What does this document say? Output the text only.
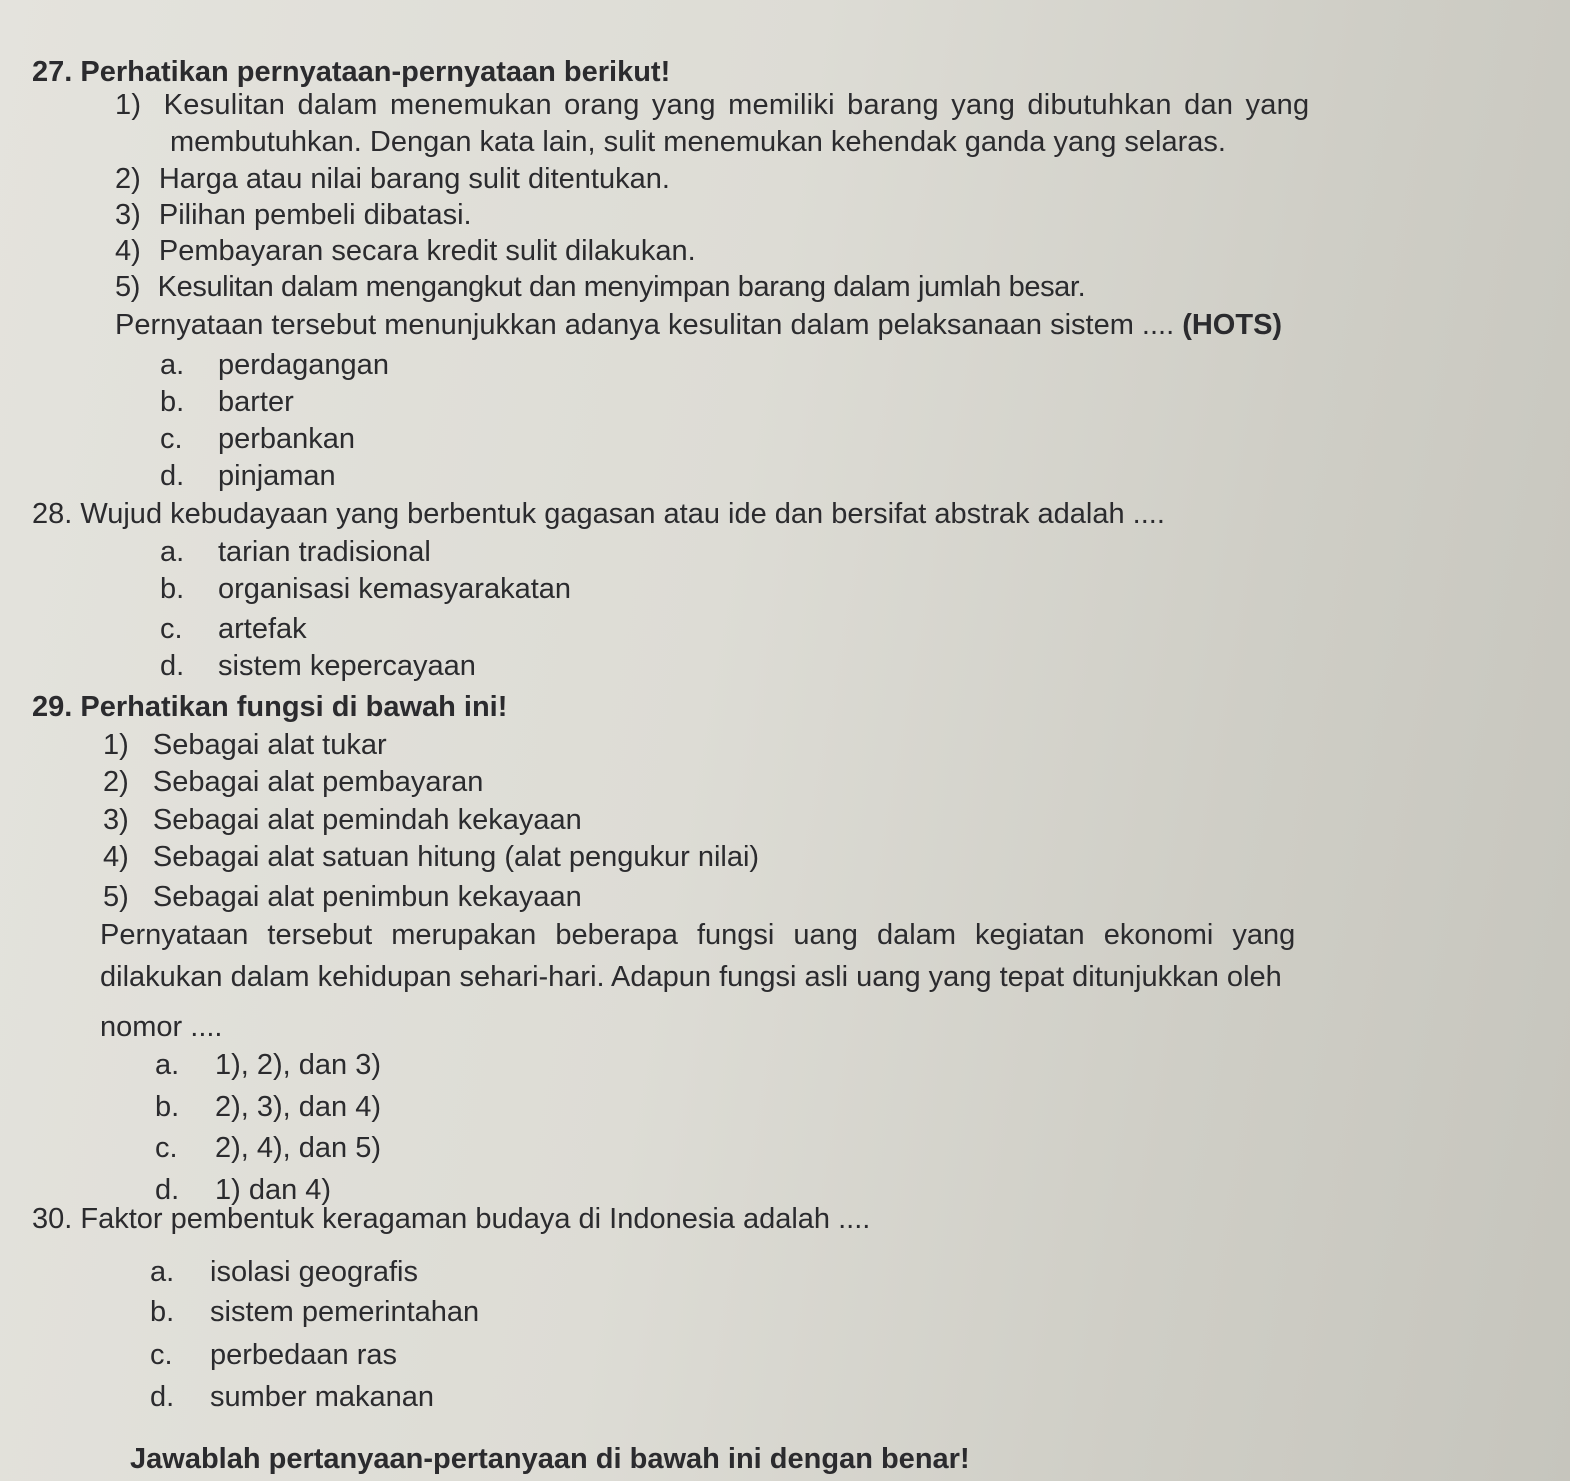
27. Perhatikan pernyataan-pernyataan berikut!
1) Kesulitan dalam menemukan orang yang memiliki barang yang dibutuhkan dan yang
membutuhkan. Dengan kata lain, sulit menemukan kehendak ganda yang selaras.
2) Harga atau nilai barang sulit ditentukan.
3) Pilihan pembeli dibatasi.
4) Pembayaran secara kredit sulit dilakukan.
5) Kesulitan dalam mengangkut dan menyimpan barang dalam jumlah besar.
Pernyataan tersebut menunjukkan adanya kesulitan dalam pelaksanaan sistem .... (HOTS)
a. perdagangan
b. barter
c. perbankan
d. pinjaman
28. Wujud kebudayaan yang berbentuk gagasan atau ide dan bersifat abstrak adalah ....
a. tarian tradisional
b. organisasi kemasyarakatan
c. artefak
d. sistem kepercayaan
29. Perhatikan fungsi di bawah ini!
1) Sebagai alat tukar
2) Sebagai alat pembayaran
3) Sebagai alat pemindah kekayaan
4) Sebagai alat satuan hitung (alat pengukur nilai)
5) Sebagai alat penimbun kekayaan
Pernyataan tersebut merupakan beberapa fungsi uang dalam kegiatan ekonomi yang
dilakukan dalam kehidupan sehari-hari. Adapun fungsi asli uang yang tepat ditunjukkan oleh
nomor ....
a. 1), 2), dan 3)
b. 2), 3), dan 4)
c. 2), 4), dan 5)
d. 1) dan 4)
30. Faktor pembentuk keragaman budaya di Indonesia adalah ....
a. isolasi geografis
b. sistem pemerintahan
c. perbedaan ras
d. sumber makanan
Jawablah pertanyaan-pertanyaan di bawah ini dengan benar!
